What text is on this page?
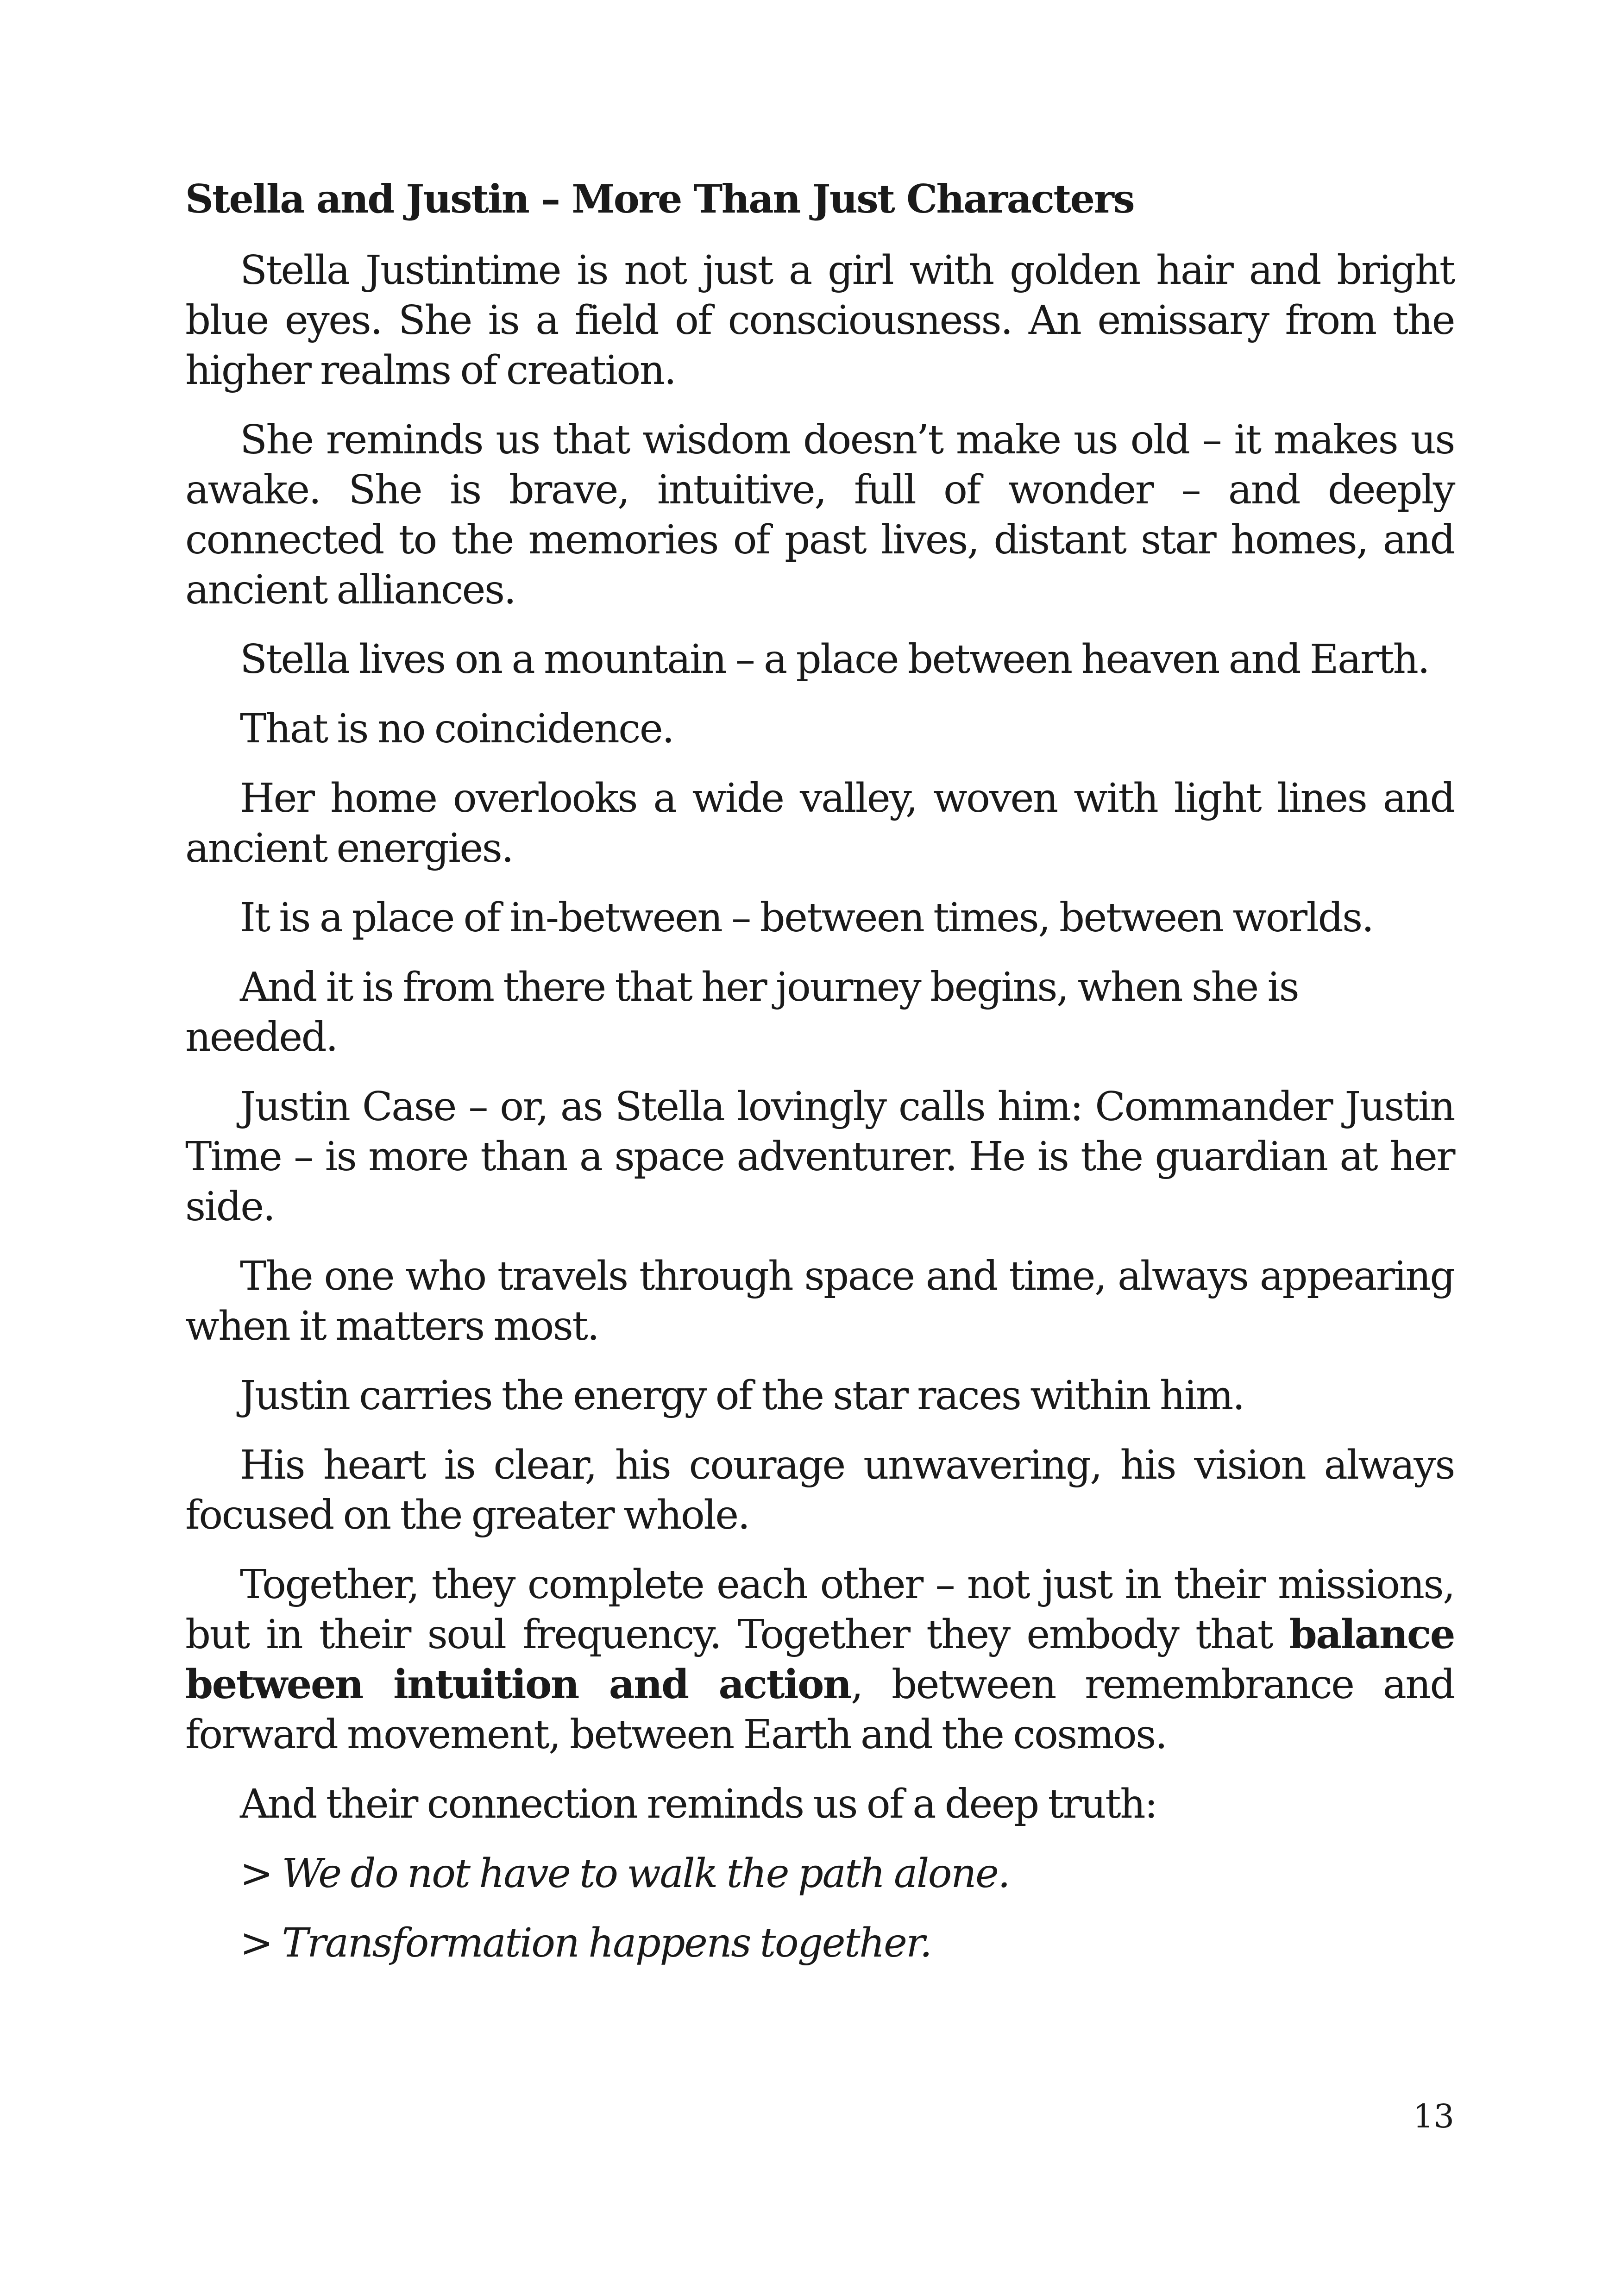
Stella and Justin – More Than Just Characters

Stella Justintime is not just a girl with golden hair and bright blue eyes. She is a field of consciousness. An emissary from the higher realms of creation.

She reminds us that wisdom doesn’t make us old – it makes us awake. She is brave, intuitive, full of wonder – and deeply connected to the memories of past lives, distant star homes, and ancient alliances.

Stella lives on a mountain – a place between heaven and Earth.

That is no coincidence.

Her home overlooks a wide valley, woven with light lines and ancient energies.

It is a place of in-between – between times, between worlds.

And it is from there that her journey begins, when she is needed.

Justin Case – or, as Stella lovingly calls him: Commander Justin Time – is more than a space adventurer. He is the guardian at her side.

The one who travels through space and time, always appearing when it matters most.

Justin carries the energy of the star races within him.

His heart is clear, his courage unwavering, his vision always focused on the greater whole.

Together, they complete each other – not just in their missions, but in their soul frequency. Together they embody that balance between intuition and action, between remembrance and forward movement, between Earth and the cosmos.

And their connection reminds us of a deep truth:

> We do not have to walk the path alone.

> Transformation happens together.

13
